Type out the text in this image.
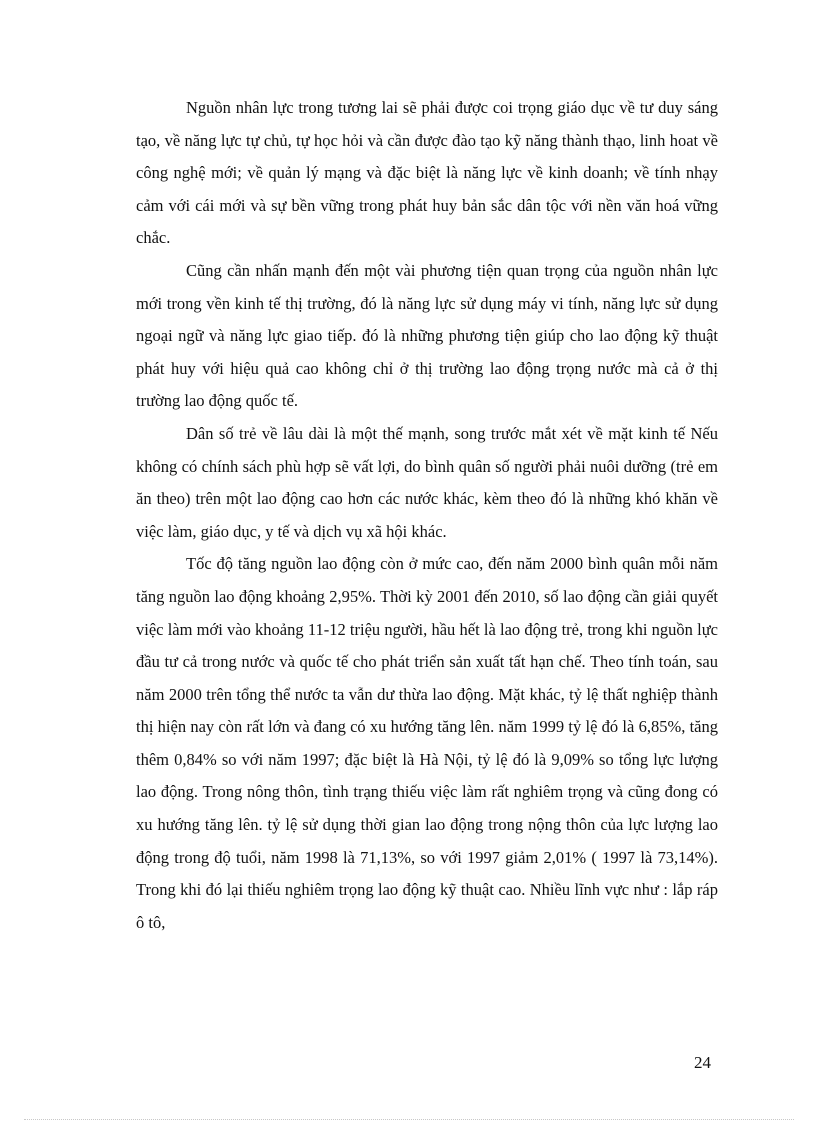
Nguồn nhân lực trong tương lai sẽ phải được coi trọng giáo dục về tư duy sáng tạo, về năng lực tự chủ, tự học hỏi và cần được đào tạo kỹ năng thành thạo, linh hoat về công nghệ mới; về quản lý mạng và đặc biệt là năng lực về kinh doanh; về tính nhạy cảm với cái mới và sự bền vững trong phát huy bản sắc dân tộc với nền văn hoá vững chắc.

Cũng cần nhấn mạnh đến một vài phương tiện quan trọng của nguồn nhân lực mới trong vền kinh tế thị trường, đó là năng lực sử dụng máy vi tính, năng lực sử dụng ngoại ngữ và năng lực giao tiếp. đó là những phương tiện giúp cho lao động kỹ thuật phát huy với hiệu quả cao không chỉ ở thị trường lao động trọng nước mà cả ở thị trường lao động quốc tế.

Dân số trẻ về lâu dài là một thế mạnh, song trước mắt xét về mặt kinh tế Nếu không có chính sách phù hợp sẽ vất lợi, do bình quân số người phải nuôi dưỡng (trẻ em ăn theo) trên một lao động cao hơn các nước khác, kèm theo đó là những khó khăn về việc làm, giáo dục, y tế và dịch vụ xã hội khác.

Tốc độ tăng nguồn lao động còn ở mức cao, đến năm 2000 bình quân mỗi năm tăng nguồn lao động khoảng 2,95%. Thời kỳ 2001 đến 2010, số lao động cần giải quyết việc làm mới vào khoảng 11-12 triệu người, hầu hết là lao động trẻ, trong khi nguồn lực đầu tư cả trong nước và quốc tế cho phát triển sản xuất tất hạn chế. Theo tính toán, sau năm 2000 trên tổng thể nước ta vẫn dư thừa lao động. Mặt khác, tỷ lệ thất nghiệp thành thị hiện nay còn rất lớn và đang có xu hướng tăng lên. năm 1999 tỷ lệ đó là 6,85%, tăng thêm 0,84% so với năm 1997; đặc biệt là Hà Nội, tỷ lệ đó là 9,09% so tổng lực lượng lao động. Trong nông thôn, tình trạng thiếu việc làm rất nghiêm trọng và cũng đong có xu hướng tăng lên. tỷ lệ sử dụng thời gian lao động trong nộng thôn của lực lượng lao động trong độ tuổi, năm 1998 là 71,13%, so với 1997 giảm 2,01% ( 1997 là 73,14%). Trong khi đó lại thiếu nghiêm trọng lao động kỹ thuật cao. Nhiều lĩnh vực như : lắp ráp ô tô,

24
